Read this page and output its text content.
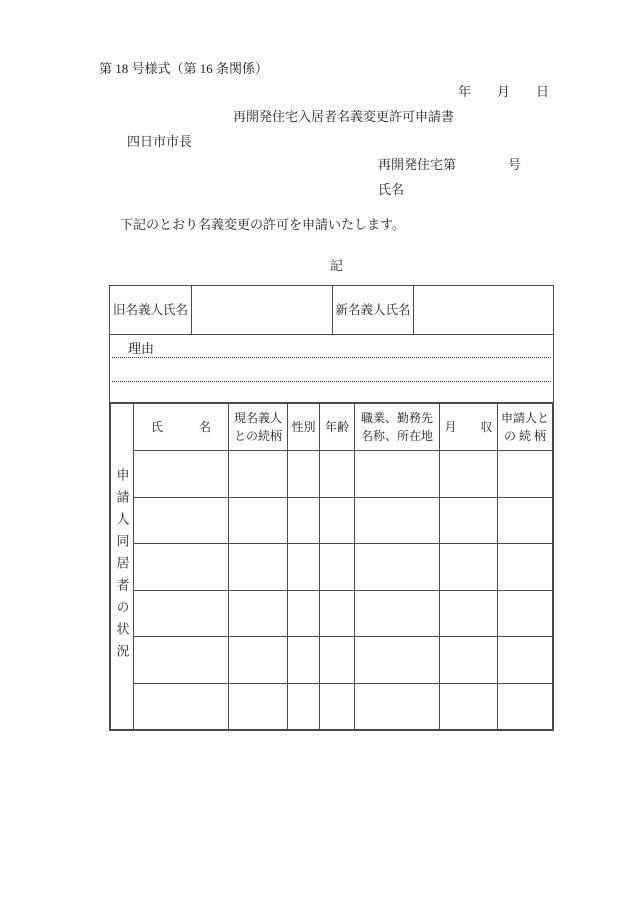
第 18 号様式（第 16 条関係）
年　　月　　日
再開発住宅入居者名義変更許可申請書
四日市市長
再開発住宅第　　　　号
氏名
下記のとおり名義変更の許可を申請いたします。
記
旧名義人氏名	新名義人氏名
理由
申請人同居者の状況	氏　　　名	現名義人
との続柄	性別	年齢	職業、勤務先
名称、所在地	月　　収	申請人と
の 続 柄
